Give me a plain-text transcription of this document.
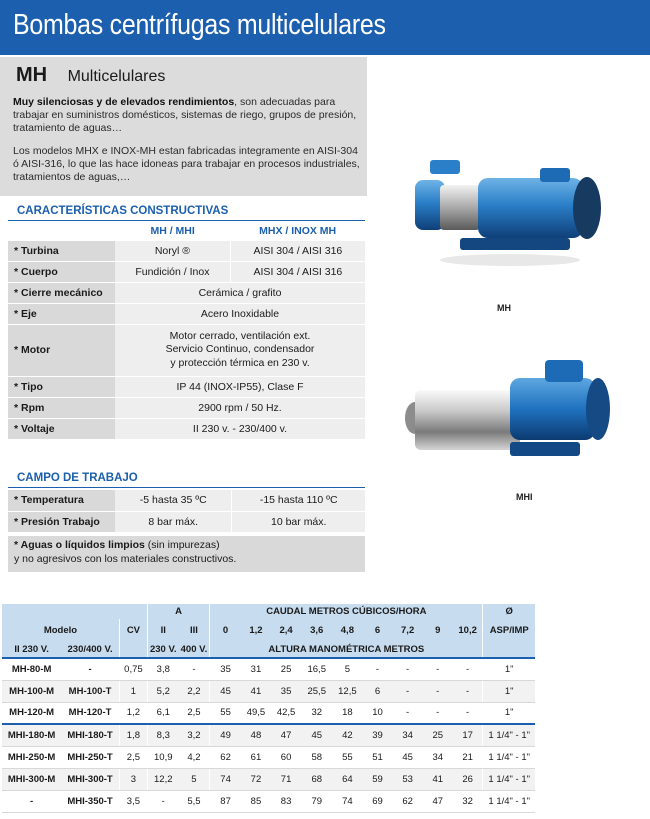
Bombas centrífugas multicelulares
MH Multicelulares
Muy silenciosas y de elevados rendimientos, son adecuadas para trabajar en suministros domésticos, sistemas de riego, grupos de presión, tratamiento de aguas…
Los modelos MHX e INOX-MH estan fabricadas integramente en AISI-304 ó AISI-316, lo que las hace idoneas para trabajar en procesos industriales, tratamientos de aguas,…
CARACTERÍSTICAS CONSTRUCTIVAS
	MH / MHI	MHX / INOX MH
* Turbina	Noryl ®	AISI 304 / AISI 316
* Cuerpo	Fundición / Inox	AISI 304 / AISI 316
* Cierre mecánico	Cerámica / grafito	
* Eje	Acero Inoxidable	
* Motor	Motor cerrado, ventilación ext.
Servicio Continuo, condensador
y protección térmica en 230 v.	

* Tipo	IP 44 (INOX-IP55), Clase F	
* Rpm	2900 rpm / 50 Hz.	
* Voltaje	II 230 v. - 230/400 v.	
CAMPO DE TRABAJO
* Temperatura	-5 hasta 35 ºC	-15 hasta 110 ºC
* Presión Trabajo	8 bar máx.	10 bar máx.
* Aguas o líquidos limpios (sin impurezas)
y no agresivos con los materiales constructivos.
MH
MHI
			A		CAUDAL METROS CÚBICOS/HORA									Ø
Modelo		CV	II	III	0	1,2	2,4	3,6	4,8	6	7,2	9	10,2	ASP/IMP
II 230 V.	230/400 V.		230 V.	400 V.	ALTURA MANOMÉTRICA METROS									
MH-80-M	-	0,75	3,8	-	35	31	25	16,5	5	-	-	-	-	1"
MH-100-M	MH-100-T	1	5,2	2,2	45	41	35	25,5	12,5	6	-	-	-	1"
MH-120-M	MH-120-T	1,2	6,1	2,5	55	49,5	42,5	32	18	10	-	-	-	1"
MHI-180-M	MHI-180-T	1,8	8,3	3,2	49	48	47	45	42	39	34	25	17	1 1/4" - 1"
MHI-250-M	MHI-250-T	2,5	10,9	4,2	62	61	60	58	55	51	45	34	21	1 1/4" - 1"
MHI-300-M	MHI-300-T	3	12,2	5	74	72	71	68	64	59	53	41	26	1 1/4" - 1"
-	MHI-350-T	3,5	-	5,5	87	85	83	79	74	69	62	47	32	1 1/4" - 1"
